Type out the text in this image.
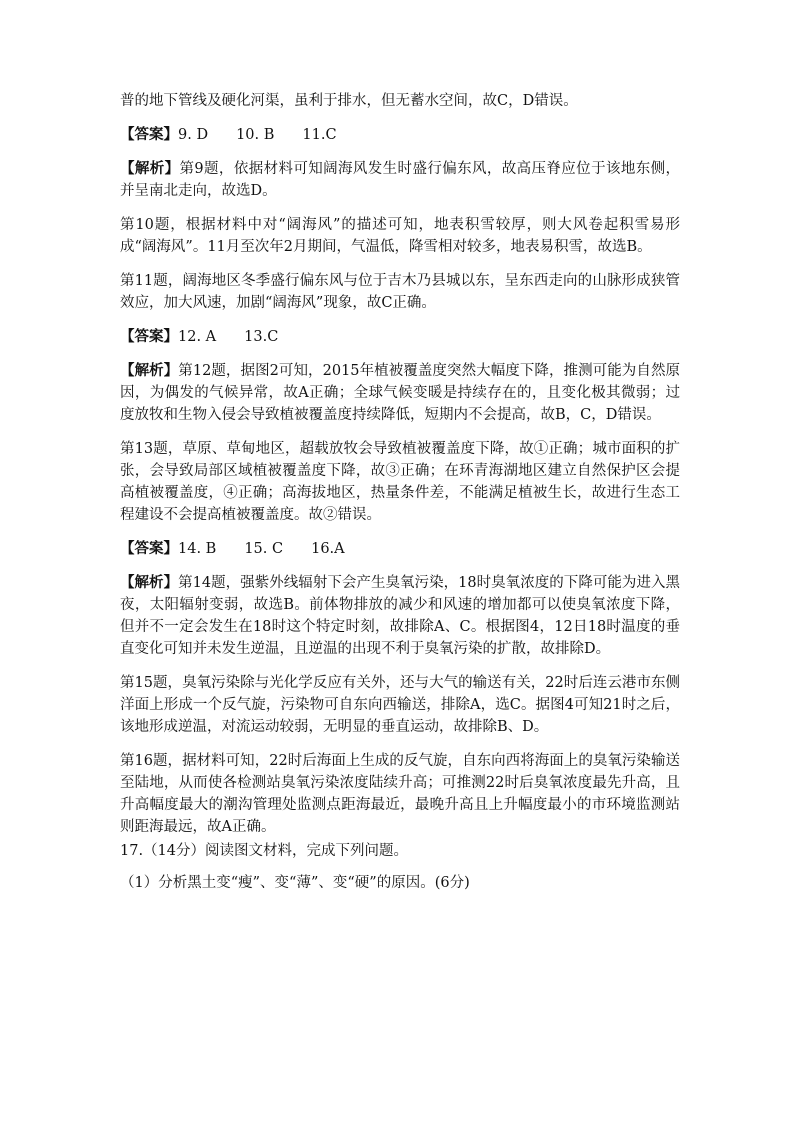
普的地下管线及硬化河渠，虽利于排水，但无蓄水空间，故C，D错误。

【答案】9. D 10. B 11.C

【解析】第9题，依据材料可知阔海风发生时盛行偏东风，故高压脊应位于该地东侧，并呈南北走向，故选D。

第10题，根据材料中对“阔海风”的描述可知，地表积雪较厚，则大风卷起积雪易形成“阔海风”。11月至次年2月期间，气温低，降雪相对较多，地表易积雪，故选B。

第11题，阔海地区冬季盛行偏东风与位于吉木乃县城以东，呈东西走向的山脉形成狭管效应，加大风速，加剧“阔海风”现象，故C正确。

【答案】12. A 13.C

【解析】第12题，据图2可知，2015年植被覆盖度突然大幅度下降，推测可能为自然原因，为偶发的气候异常，故A正确；全球气候变暖是持续存在的，且变化极其微弱；过度放牧和生物入侵会导致植被覆盖度持续降低，短期内不会提高，故B，C，D错误。

第13题，草原、草甸地区，超载放牧会导致植被覆盖度下降，故①正确；城市面积的扩张，会导致局部区域植被覆盖度下降，故③正确；在环青海湖地区建立自然保护区会提高植被覆盖度，④正确；高海拔地区，热量条件差，不能满足植被生长，故进行生态工程建设不会提高植被覆盖度。故②错误。

【答案】14. B 15. C 16.A

【解析】第14题，强紫外线辐射下会产生臭氧污染，18时臭氧浓度的下降可能为进入黑夜，太阳辐射变弱，故选B。前体物排放的减少和风速的增加都可以使臭氧浓度下降，但并不一定会发生在18时这个特定时刻，故排除A、C。根据图4，12日18时温度的垂直变化可知并未发生逆温，且逆温的出现不利于臭氧污染的扩散，故排除D。

第15题，臭氧污染除与光化学反应有关外，还与大气的输送有关，22时后连云港市东侧洋面上形成一个反气旋，污染物可自东向西输送，排除A，选C。据图4可知21时之后，该地形成逆温，对流运动较弱，无明显的垂直运动，故排除B、D。

第16题，据材料可知，22时后海面上生成的反气旋，自东向西将海面上的臭氧污染输送至陆地，从而使各检测站臭氧污染浓度陆续升高；可推测22时后臭氧浓度最先升高，且升高幅度最大的潮沟管理处监测点距海最近，最晚升高且上升幅度最小的市环境监测站则距海最远，故A正确。

17.（14分）阅读图文材料，完成下列问题。

（1）分析黑土变“瘦”、变“薄”、变“硬”的原因。(6分)
